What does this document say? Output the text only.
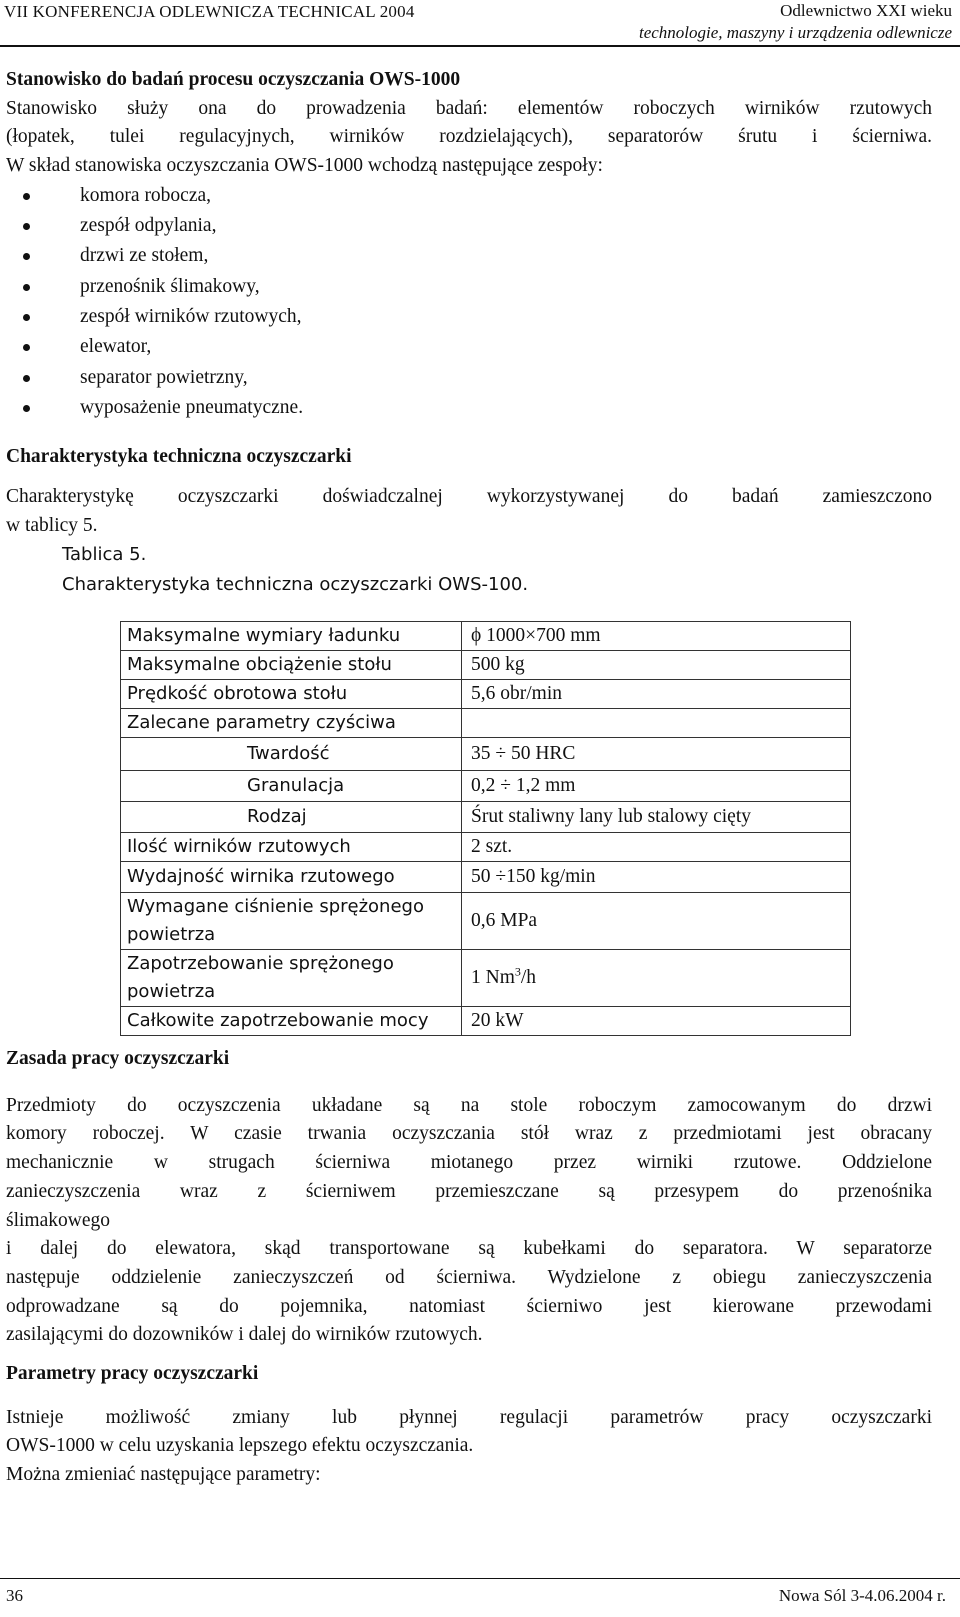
VII KONFERENCJA ODLEWNICZA TECHNICAL 2004	Odlewnictwo XXI wieku
technologie, maszyny i urządzenia odlewnicze

Stanowisko do badań procesu oczyszczania OWS-1000

Stanowisko służy ona do prowadzenia badań: elementów roboczych wirników rzutowych

(łopatek, tulei regulacyjnych, wirników rozdzielających), separatorów śrutu i ścierniwa.

W skład stanowiska oczyszczania OWS-1000 wchodzą następujące zespoły:

komora robocza,
zespół odpylania,
drzwi ze stołem,
przenośnik ślimakowy,
zespół wirników rzutowych,
elewator,
separator powietrzny,
wyposażenie pneumatyczne.

Charakterystyka techniczna oczyszczarki

Charakterystykę oczyszczarki doświadczalnej wykorzystywanej do badań zamieszczono

w tablicy 5.

Tablica 5.
Charakterystyka techniczna oczyszczarki OWS-100.
Maksymalne wymiary ładunku	ϕ 1000×700 mm
Maksymalne obciążenie stołu	500 kg
Prędkość obrotowa stołu	5,6 obr/min
Zalecane parametry czyściwa	
Twardość	35 ÷ 50 HRC
Granulacja	0,2 ÷ 1,2 mm
Rodzaj	Śrut staliwny lany lub stalowy cięty
Ilość wirników rzutowych	2 szt.
Wydajność wirnika rzutowego	50 ÷150 kg/min

Wymagane ciśnienie sprężonego
powietrza	0,6 MPa

Zapotrzebowanie sprężonego
powietrza	1 Nm$^3$/h
Całkowite zapotrzebowanie mocy	20 kW

Zasada pracy oczyszczarki

Przedmioty do oczyszczenia układane są na stole roboczym zamocowanym do drzwi

komory roboczej. W czasie trwania oczyszczania stół wraz z przedmiotami jest obracany

mechanicznie w strugach ścierniwa miotanego przez wirniki rzutowe. Oddzielone

zanieczyszczenia wraz z ścierniwem przemieszczane są przesypem do przenośnika

ślimakowego

i dalej do elewatora, skąd transportowane są kubełkami do separatora. W separatorze

następuje oddzielenie zanieczyszczeń od ścierniwa. Wydzielone z obiegu zanieczyszczenia

odprowadzane są do pojemnika, natomiast ścierniwo jest kierowane przewodami

zasilającymi do dozowników i dalej do wirników rzutowych.

Parametry pracy oczyszczarki

Istnieje możliwość zmiany lub płynnej regulacji parametrów pracy oczyszczarki

OWS-1000 w celu uzyskania lepszego efektu oczyszczania.

Można zmieniać następujące parametry:

36	Nowa Sól 3-4.06.2004 r.
